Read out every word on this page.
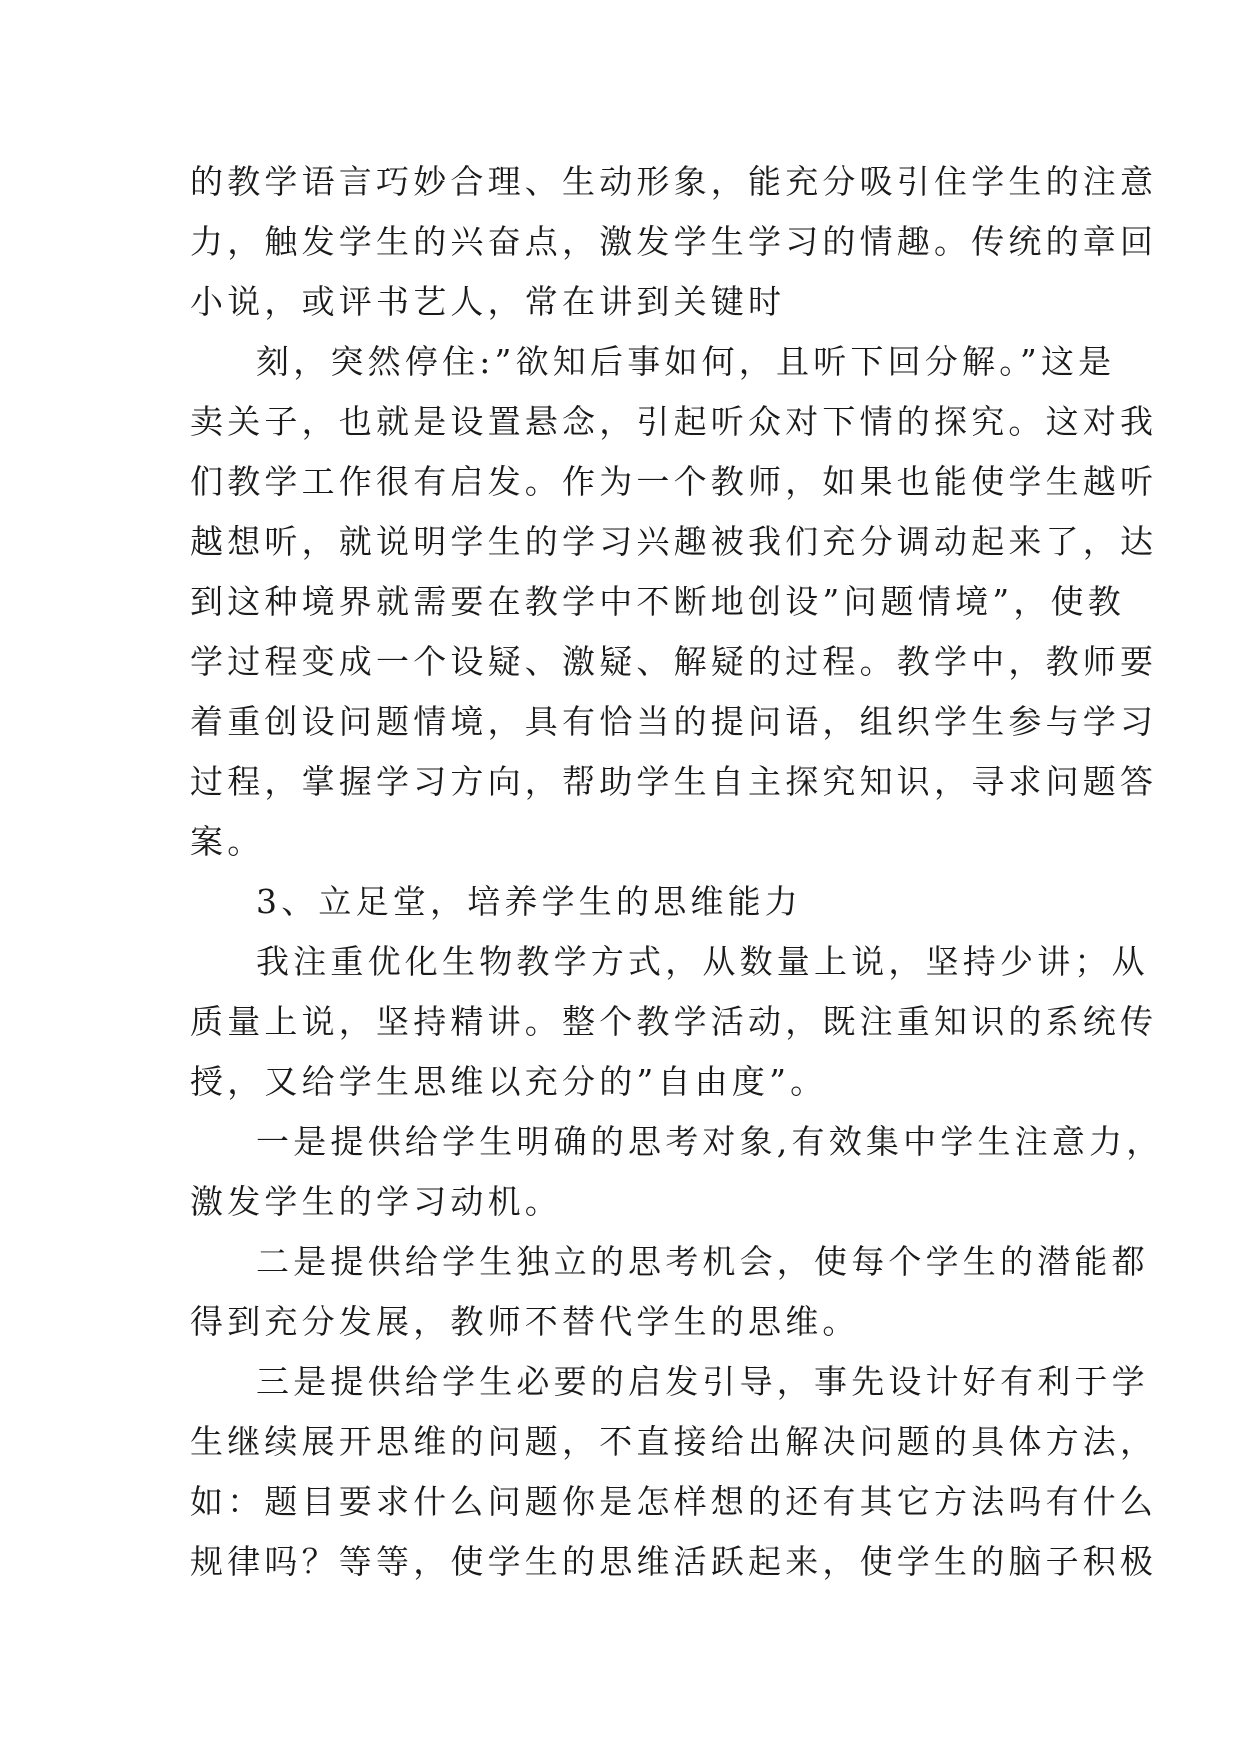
的教学语言巧妙合理、生动形象，能充分吸引住学生的注意
力，触发学生的兴奋点，激发学生学习的情趣。传统的章回
小说，或评书艺人，常在讲到关键时
刻，突然停住:”欲知后事如何，且听下回分解。”这是
卖关子，也就是设置悬念，引起听众对下情的探究。这对我
们教学工作很有启发。作为一个教师，如果也能使学生越听
越想听，就说明学生的学习兴趣被我们充分调动起来了，达
到这种境界就需要在教学中不断地创设”问题情境”，使教
学过程变成一个设疑、激疑、解疑的过程。教学中，教师要
着重创设问题情境，具有恰当的提问语，组织学生参与学习
过程，掌握学习方向，帮助学生自主探究知识，寻求问题答
案。
3、立足堂，培养学生的思维能力
我注重优化生物教学方式，从数量上说，坚持少讲；从
质量上说，坚持精讲。整个教学活动，既注重知识的系统传
授，又给学生思维以充分的”自由度”。
一是提供给学生明确的思考对象,有效集中学生注意力，
激发学生的学习动机。
二是提供给学生独立的思考机会，使每个学生的潜能都
得到充分发展，教师不替代学生的思维。
三是提供给学生必要的启发引导，事先设计好有利于学
生继续展开思维的问题，不直接给出解决问题的具体方法，
如：题目要求什么问题你是怎样想的还有其它方法吗有什么
规律吗？等等，使学生的思维活跃起来，使学生的脑子积极
